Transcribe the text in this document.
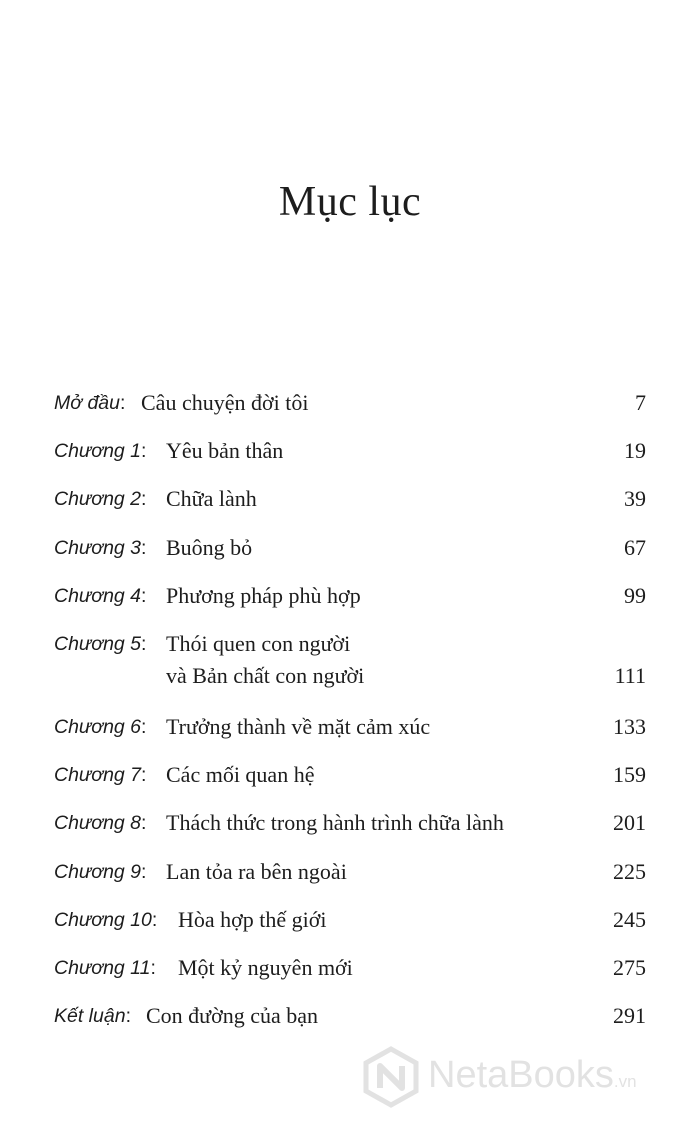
Mục lục
Mở đầu: Câu chuyện đời tôi	7
Chương 1: Yêu bản thân	19
Chương 2: Chữa lành	39
Chương 3: Buông bỏ	67
Chương 4: Phương pháp phù hợp	99
Chương 5: Thói quen con người
và Bản chất con người	111
Chương 6: Trưởng thành về mặt cảm xúc	133
Chương 7: Các mối quan hệ	159
Chương 8: Thách thức trong hành trình chữa lành	201
Chương 9: Lan tỏa ra bên ngoài	225
Chương 10: Hòa hợp thế giới	245
Chương 11: Một kỷ nguyên mới	275
Kết luận: Con đường của bạn	291
NetaBooks.vn
